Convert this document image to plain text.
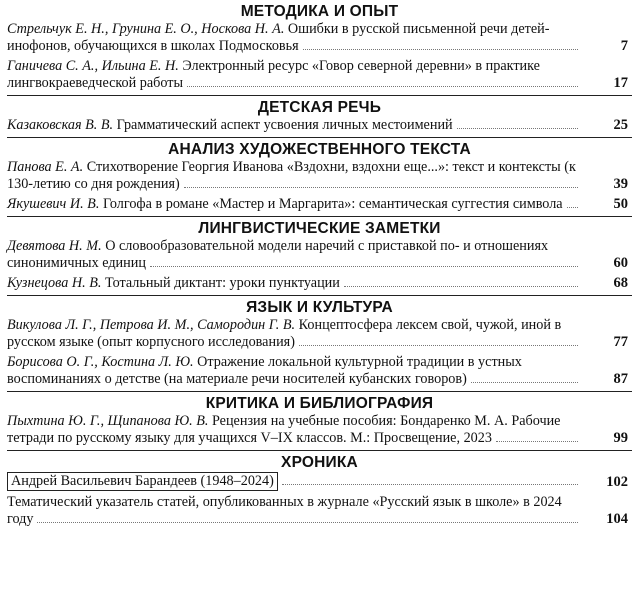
МЕТОДИКА И ОПЫТ
Стрельчук Е. Н., Грунина Е. О., Носкова Н. А. Ошибки в русской письменной речи детей-инофонов, обучающихся в школах Подмосковья	7
Ганичева С. А., Ильина Е. Н. Электронный ресурс «Говор северной деревни» в практике лингвокраеведческой работы	17
ДЕТСКАЯ РЕЧЬ
Казаковская В. В. Грамматический аспект усвоения личных местоимений	25
АНАЛИЗ ХУДОЖЕСТВЕННОГО ТЕКСТА
Панова Е. А. Стихотворение Георгия Иванова «Вздохни, вздохни еще...»: текст и контексты (к 130-летию со дня рождения)	39
Якушевич И. В. Голгофа в романе «Мастер и Маргарита»: семантическая суггестия символа	50
ЛИНГВИСТИЧЕСКИЕ ЗАМЕТКИ
Девятова Н. М. О словообразовательной модели наречий с приставкой по- и отношениях синонимичных единиц	60
Кузнецова Н. В. Тотальный диктант: уроки пунктуации	68
ЯЗЫК И КУЛЬТУРА
Викулова Л. Г., Петрова И. М., Самородин Г. В. Концептосфера лексем свой, чужой, иной в русском языке (опыт корпусного исследования)	77
Борисова О. Г., Костина Л. Ю. Отражение локальной культурной традиции в устных воспоминаниях о детстве (на материале речи носителей кубанских говоров)	87
КРИТИКА И БИБЛИОГРАФИЯ
Пыхтина Ю. Г., Щипанова Ю. В. Рецензия на учебные пособия: Бондаренко М. А. Рабочие тетради по русскому языку для учащихся V–IX классов. М.: Просвещение, 2023	99
ХРОНИКА
Андрей Васильевич Барандеев (1948–2024)	102
Тематический указатель статей, опубликованных в журнале «Русский язык в школе» в 2024 году	104
